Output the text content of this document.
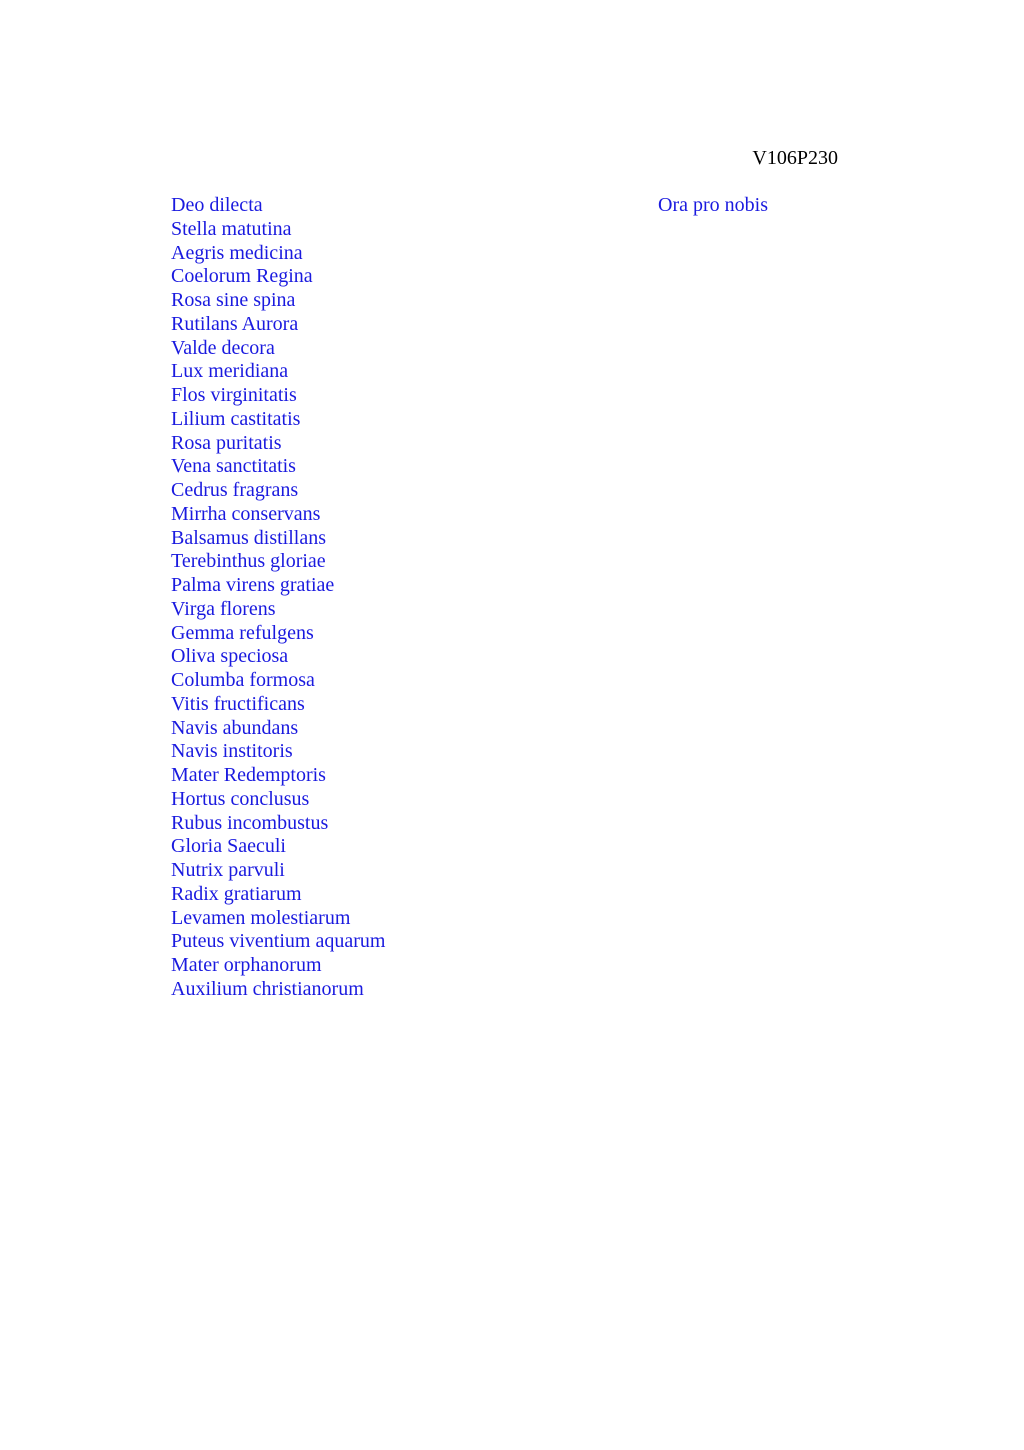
V106P230
Deo dilecta
Stella matutina
Aegris medicina
Coelorum Regina
Rosa sine spina
Rutilans Aurora
Valde decora
Lux meridiana
Flos virginitatis
Lilium castitatis
Rosa puritatis
Vena sanctitatis
Cedrus fragrans
Mirrha conservans
Balsamus distillans
Terebinthus gloriae
Palma virens gratiae
Virga florens
Gemma refulgens
Oliva speciosa
Columba formosa
Vitis fructificans
Navis abundans
Navis institoris
Mater Redemptoris
Hortus conclusus
Rubus incombustus
Gloria Saeculi
Nutrix parvuli
Radix gratiarum
Levamen molestiarum
Puteus viventium aquarum
Mater orphanorum
Auxilium christianorum
Ora pro nobis
